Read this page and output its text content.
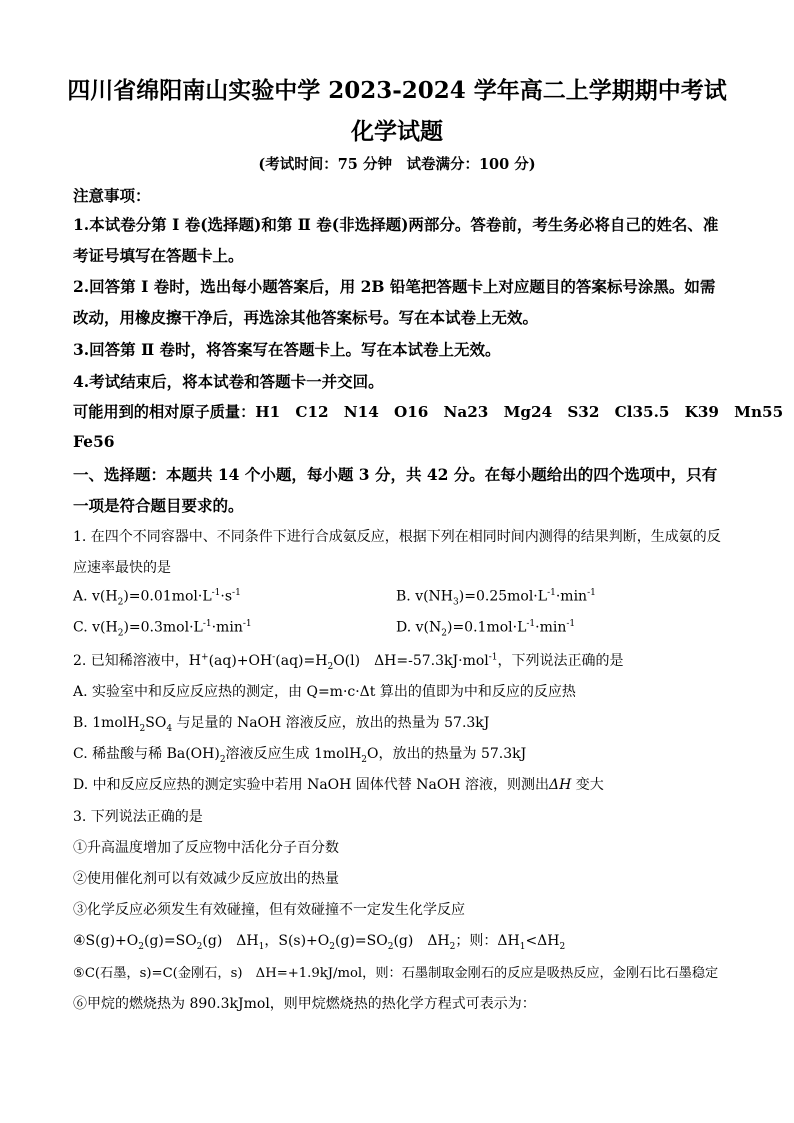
四川省绵阳南山实验中学 2023-2024 学年高二上学期期中考试
化学试题
(考试时间：75 分钟　试卷满分：100 分)
注意事项：
1.本试卷分第 Ⅰ 卷(选择题)和第 Ⅱ 卷(非选择题)两部分。答卷前，考生务必将自己的姓名、准
考证号填写在答题卡上。
2.回答第 Ⅰ 卷时，选出每小题答案后，用 2B 铅笔把答题卡上对应题目的答案标号涂黑。如需
改动，用橡皮擦干净后，再选涂其他答案标号。写在本试卷上无效。
3.回答第 Ⅱ 卷时，将答案写在答题卡上。写在本试卷上无效。
4.考试结束后，将本试卷和答题卡一并交回。
可能用到的相对原子质量：H1　C12　N14　O16　Na23　Mg24　S32　Cl35.5　K39　Mn55
Fe56
一、选择题：本题共 14 个小题，每小题 3 分，共 42 分。在每小题给出的四个选项中，只有
一项是符合题目要求的。
1. 在四个不同容器中、不同条件下进行合成氨反应，根据下列在相同时间内测得的结果判断，生成氨的反
应速率最快的是
A. $v(H_2)=0.01mol\cdot L^{-1}\cdot s^{-1}$	B. $v(NH_3)=0.25mol\cdot L^{-1}\cdot\min^{-1}$
C. $v(H_2)=0.3mol\cdot L^{-1}\cdot\min^{-1}$	D. $v(N_2)=0.1mol\cdot L^{-1}\cdot\min^{-1}$
2. 已知稀溶液中，$H^+(aq)+OH^-(aq)=H_2O(l)$　ΔH=-57.3kJ·mol$^{-1}$，下列说法正确的是
A. 实验室中和反应反应热的测定，由 Q=m·c·Δt 算出的值即为中和反应的反应热
B. $1molH_2SO_4$ 与足量的 NaOH 溶液反应，放出的热量为 57.3kJ
C. 稀盐酸与稀 $Ba(OH)_2$溶液反应生成 1molH$_2$O，放出的热量为 57.3kJ
D. 中和反应反应热的测定实验中若用 NaOH 固体代替 NaOH 溶液，则测出ΔH 变大
3. 下列说法正确的是
①升高温度增加了反应物中活化分子百分数
②使用催化剂可以有效减少反应放出的热量
③化学反应必须发生有效碰撞，但有效碰撞不一定发生化学反应
$④S(g)+O_2(g)=SO_2(g)$　$\Delta H_1$，$S(s)+O_2(g)=SO_2(g)$　$\Delta H_2$；则：$\Delta H_1<\Delta H_2$
⑤C(石墨，s)=C(金刚石，s)　ΔH=+1.9kJ/mol，则：石墨制取金刚石的反应是吸热反应，金刚石比石墨稳定
⑥甲烷的燃烧热为 890.3kJmol，则甲烷燃烧热的热化学方程式可表示为：
